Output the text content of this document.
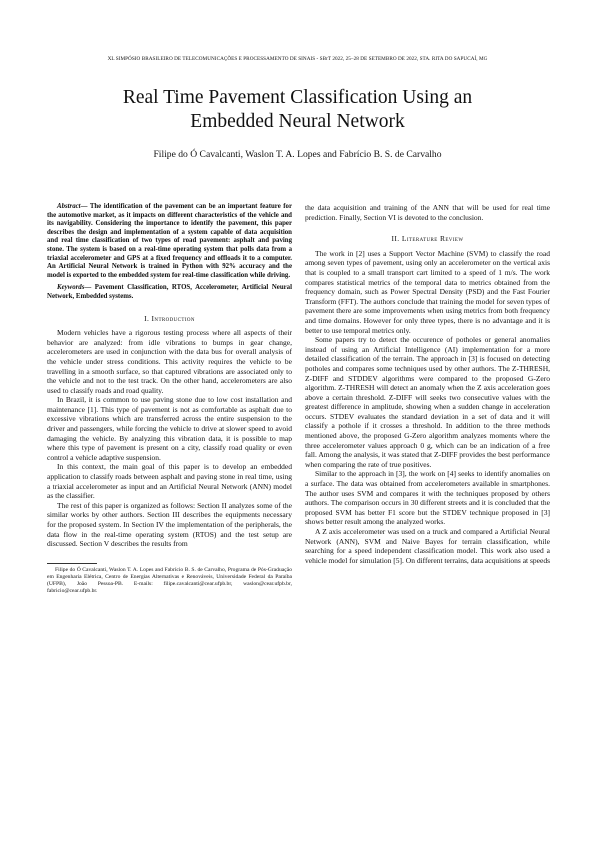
XL SIMPÓSIO BRASILEIRO DE TELECOMUNICAÇÕES E PROCESSAMENTO DE SINAIS - SBrT 2022, 25–28 DE SETEMBRO DE 2022, STA. RITA DO SAPUCAÍ, MG
Real Time Pavement Classification Using an
Embedded Neural Network
Filipe do Ó Cavalcanti, Waslon T. A. Lopes and Fabrício B. S. de Carvalho

Abstract— The identification of the pavement can be an important feature for the automotive market, as it impacts on different characteristics of the vehicle and its navigability. Considering the importance to identify the pavement, this paper describes the design and implementation of a system capable of data acquisition and real time classification of two types of road pavement: asphalt and paving stone. The system is based on a real-time operating system that polls data from a triaxial accelerometer and GPS at a fixed frequency and offloads it to a computer. An Artificial Neural Network is trained in Python with 92% accuracy and the model is exported to the embedded system for real-time classification while driving.

Keywords— Pavement Classification, RTOS, Accelerometer, Artificial Neural Network, Embedded systems.

I. Introduction

Modern vehicles have a rigorous testing process where all aspects of their behavior are analyzed: from idle vibrations to bumps in gear change, accelerometers are used in conjunction with the data bus for overall analysis of the vehicle under stress conditions. This activity requires the vehicle to be travelling in a smooth surface, so that captured vibrations are associated only to the vehicle and not to the test track. On the other hand, accelerometers are also used to classify roads and road quality.

In Brazil, it is common to use paving stone due to low cost installation and maintenance [1]. This type of pavement is not as comfortable as asphalt due to excessive vibrations which are transferred across the entire suspension to the driver and passengers, while forcing the vehicle to drive at slower speed to avoid damaging the vehicle. By analyzing this vibration data, it is possible to map where this type of pavement is present on a city, classify road quality or even control a vehicle adaptive suspension.

In this context, the main goal of this paper is to develop an embedded application to classify roads between asphalt and paving stone in real time, using a triaxial accelerometer as input and an Artificial Neural Network (ANN) model as the classifier.

The rest of this paper is organized as follows: Section II analyzes some of the similar works by other authors. Section III describes the equipments necessary for the proposed system. In Section IV the implementation of the peripherals, the data flow in the real-time operating system (RTOS) and the test setup are discussed. Section V describes the results from

Filipe do Ó Cavalcanti, Waslon T. A. Lopes and Fabrício B. S. de Carvalho, Programa de Pós-Graduação em Engenharia Elétrica, Centro de Energias Alternativas e Renováveis, Universidade Federal da Paraíba (UFPB), João Pessoa-PB. E-mails: filipe.cavalcanti@cear.ufpb.br, waslon@cear.ufpb.br, fabricio@cear.ufpb.br.

the data acquisition and training of the ANN that will be used for real time prediction. Finally, Section VI is devoted to the conclusion.

II. Literature Review

The work in [2] uses a Support Vector Machine (SVM) to classify the road among seven types of pavement, using only an accelerometer on the vertical axis that is coupled to a small transport cart limited to a speed of 1 m/s. The work compares statistical metrics of the temporal data to metrics obtained from the frequency domain, such as Power Spectral Density (PSD) and the Fast Fourier Transform (FFT). The authors conclude that training the model for seven types of pavement there are some improvements when using metrics from both frequency and time domains. However for only three types, there is no advantage and it is better to use temporal metrics only.

Some papers try to detect the occurence of potholes or general anomalies instead of using an Artificial Intelligence (AI) implementation for a more detailed classification of the terrain. The approach in [3] is focused on detecting potholes and compares some techniques used by other authors. The Z-THRESH, Z-DIFF and STDDEV algorithms were compared to the proposed G-Zero algorithm. Z-THRESH will detect an anomaly when the Z axis acceleration goes above a certain threshold. Z-DIFF will seeks two consecutive values with the greatest difference in amplitude, showing when a sudden change in acceleration occurs. STDEV evaluates the standard deviation in a set of data and it will classify a pothole if it crosses a threshold. In addition to the three methods mentioned above, the proposed G-Zero algorithm analyzes moments where the three accelerometer values approach 0 g, which can be an indication of a free fall. Among the analysis, it was stated that Z-DIFF provides the best performance when comparing the rate of true positives.

Similar to the approach in [3], the work on [4] seeks to identify anomalies on a surface. The data was obtained from accelerometers available in smartphones. The author uses SVM and compares it with the techniques proposed by others authors. The comparison occurs in 30 different streets and it is concluded that the proposed SVM has better F1 score but the STDEV technique proposed in [3] shows better result among the analyzed works.

A Z axis accelerometer was used on a truck and compared a Artificial Neural Network (ANN), SVM and Naive Bayes for terrain classification, while searching for a speed independent classification model. This work also used a vehicle model for simulation [5]. On different terrains, data acquisitions at speeds
